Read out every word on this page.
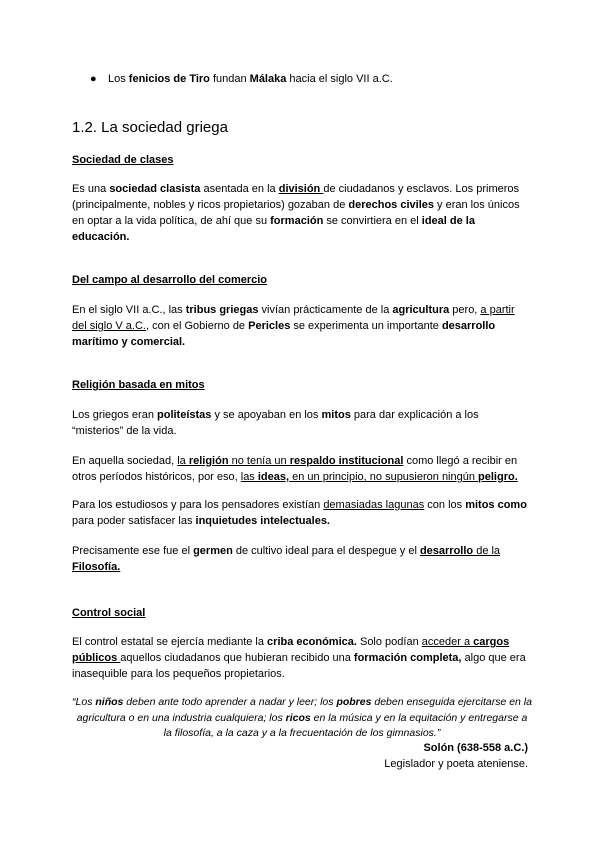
● Los fenicios de Tiro fundan Málaka hacia el siglo VII a.C.
1.2. La sociedad griega
Sociedad de clases

Es una sociedad clasista asentada en la división de ciudadanos y esclavos. Los primeros (principalmente, nobles y ricos propietarios) gozaban de derechos civiles y eran los únicos en optar a la vida política, de ahí que su formación se convirtiera en el ideal de la educación.

Del campo al desarrollo del comercio

En el siglo VII a.C., las tribus griegas vivían prácticamente de la agricultura pero, a partir del siglo V a.C., con el Gobierno de Pericles se experimenta un importante desarrollo marítimo y comercial.

Religión basada en mitos

Los griegos eran politeístas y se apoyaban en los mitos para dar explicación a los “misterios” de la vida.

En aquella sociedad, la religión no tenía un respaldo institucional como llegó a recibir en otros períodos históricos, por eso, las ideas, en un principio, no supusieron ningún peligro.

Para los estudiosos y para los pensadores existían demasiadas lagunas con los mitos como para poder satisfacer las inquietudes intelectuales.

Precisamente ese fue el germen de cultivo ideal para el despegue y el desarrollo de la Filosofía.

Control social

El control estatal se ejercía mediante la criba económica. Solo podían acceder a cargos públicos aquellos ciudadanos que hubieran recibido una formación completa, algo que era inasequible para los pequeños propietarios.

“Los niños deben ante todo aprender a nadar y leer; los pobres deben enseguida ejercitarse en la agricultura o en una industria cualquiera; los ricos en la música y en la equitación y entregarse a la filosofía, a la caza y a la frecuentación de los gimnasios.”

Solón (638-558 a.C.)
Legislador y poeta ateniense.
